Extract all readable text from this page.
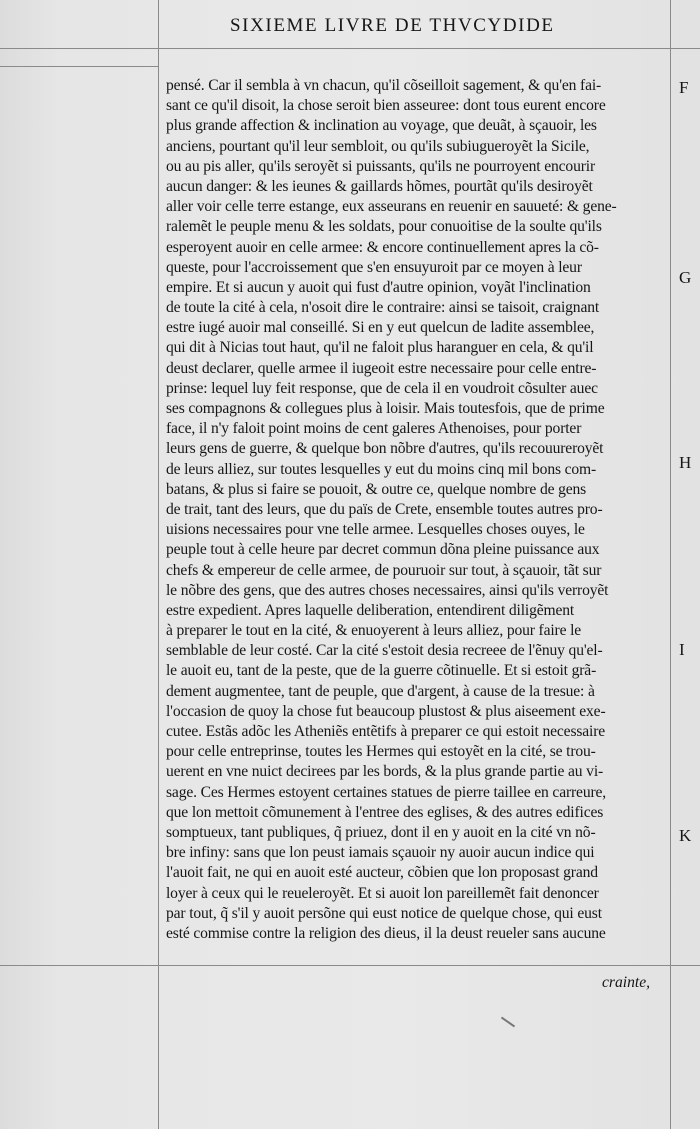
SIXIEME LIVRE DE THVCYDIDE
pensé. Car il sembla à vn chacun, qu'il cõseilloit sagement, & qu'en fai-
sant ce qu'il disoit, la chose seroit bien asseuree: dont tous eurent encore
plus grande affection & inclination au voyage, que deuãt, à sçauoir, les
anciens, pourtant qu'il leur sembloit, ou qu'ils subiugueroyẽt la Sicile,
ou au pis aller, qu'ils seroyẽt si puissants, qu'ils ne pourroyent encourir
aucun danger: & les ieunes & gaillards hõmes, pourtãt qu'ils desiroyẽt
aller voir celle terre estange, eux asseurans en reuenir en sauueté: & gene-
ralemẽt le peuple menu & les soldats, pour conuoitise de la soulte qu'ils
esperoyent auoir en celle armee: & encore continuellement apres la cõ-
queste, pour l'accroissement que s'en ensuyuroit par ce moyen à leur
empire. Et si aucun y auoit qui fust d'autre opinion, voyãt l'inclination
de toute la cité à cela, n'osoit dire le contraire: ainsi se taisoit, craignant
estre iugé auoir mal conseillé. Si en y eut quelcun de ladite assemblee,
qui dit à Nicias tout haut, qu'il ne faloit plus haranguer en cela, & qu'il
deust declarer, quelle armee il iugeoit estre necessaire pour celle entre-
prinse: lequel luy feit response, que de cela il en voudroit cõsulter auec
ses compagnons & collegues plus à loisir. Mais toutesfois, que de prime
face, il n'y faloit point moins de cent galeres Athenoises, pour porter
leurs gens de guerre, & quelque bon nõbre d'autres, qu'ils recouureroyẽt
de leurs alliez, sur toutes lesquelles y eut du moins cinq mil bons com-
batans, & plus si faire se pouoit, & outre ce, quelque nombre de gens
de trait, tant des leurs, que du païs de Crete, ensemble toutes autres pro-
uisions necessaires pour vne telle armee. Lesquelles choses ouyes, le
peuple tout à celle heure par decret commun dõna pleine puissance aux
chefs & empereur de celle armee, de pouruoir sur tout, à sçauoir, tãt sur
le nõbre des gens, que des autres choses necessaires, ainsi qu'ils verroyẽt
estre expedient. Apres laquelle deliberation, entendirent diligẽment
à preparer le tout en la cité, & enuoyerent à leurs alliez, pour faire le
semblable de leur costé. Car la cité s'estoit desia recreee de l'ẽnuy qu'el-
le auoit eu, tant de la peste, que de la guerre cõtinuelle. Et si estoit grã-
dement augmentee, tant de peuple, que d'argent, à cause de la tresue: à
l'occasion de quoy la chose fut beaucoup plustost & plus aiseement exe-
cutee. Estãs adõc les Atheniẽs entẽtifs à preparer ce qui estoit necessaire
pour celle entreprinse, toutes les Hermes qui estoyẽt en la cité, se trou-
uerent en vne nuict decirees par les bords, & la plus grande partie au vi-
sage. Ces Hermes estoyent certaines statues de pierre taillee en carreure,
que lon mettoit cõmunement à l'entree des eglises, & des autres edifices
somptueux, tant publiques, q̃ priuez, dont il en y auoit en la cité vn nõ-
bre infiny: sans que lon peust iamais sçauoir ny auoir aucun indice qui
l'auoit fait, ne qui en auoit esté aucteur, cõbien que lon proposast grand
loyer à ceux qui le reueleroyẽt. Et si auoit lon pareillemẽt fait denoncer
par tout, q̃ s'il y auoit persõne qui eust notice de quelque chose, qui eust
esté commise contre la religion des dieus, il la deust reueler sans aucune
F
G
H
I
K
crainte,
